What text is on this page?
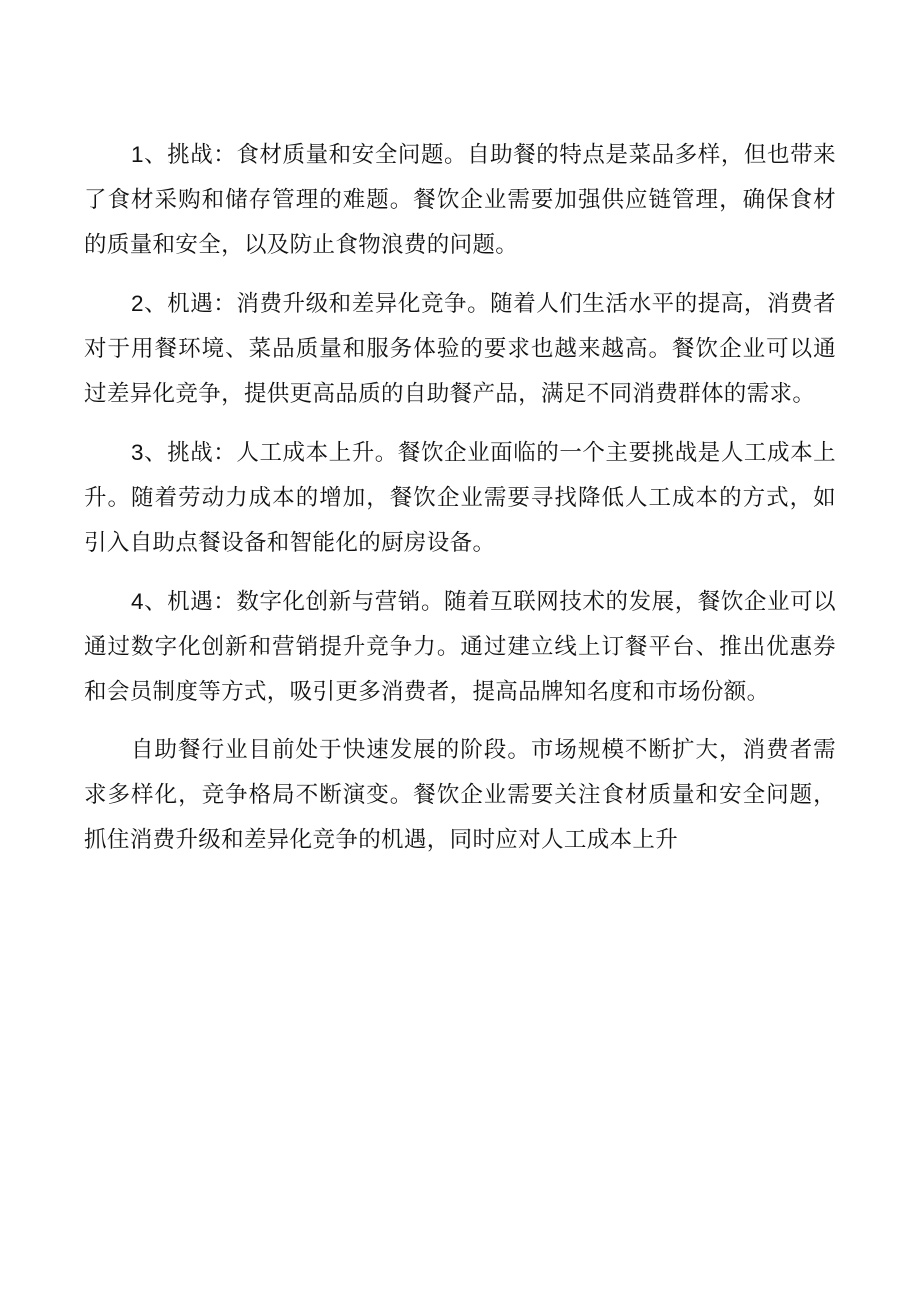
1、挑战：食材质量和安全问题。自助餐的特点是菜品多样，但也带来了食材采购和储存管理的难题。餐饮企业需要加强供应链管理，确保食材的质量和安全，以及防止食物浪费的问题。

2、机遇：消费升级和差异化竞争。随着人们生活水平的提高，消费者对于用餐环境、菜品质量和服务体验的要求也越来越高。餐饮企业可以通过差异化竞争，提供更高品质的自助餐产品，满足不同消费群体的需求。

3、挑战：人工成本上升。餐饮企业面临的一个主要挑战是人工成本上升。随着劳动力成本的增加，餐饮企业需要寻找降低人工成本的方式，如引入自助点餐设备和智能化的厨房设备。

4、机遇：数字化创新与营销。随着互联网技术的发展，餐饮企业可以通过数字化创新和营销提升竞争力。通过建立线上订餐平台、推出优惠券和会员制度等方式，吸引更多消费者，提高品牌知名度和市场份额。

自助餐行业目前处于快速发展的阶段。市场规模不断扩大，消费者需求多样化，竞争格局不断演变。餐饮企业需要关注食材质量和安全问题，抓住消费升级和差异化竞争的机遇，同时应对人工成本上升
